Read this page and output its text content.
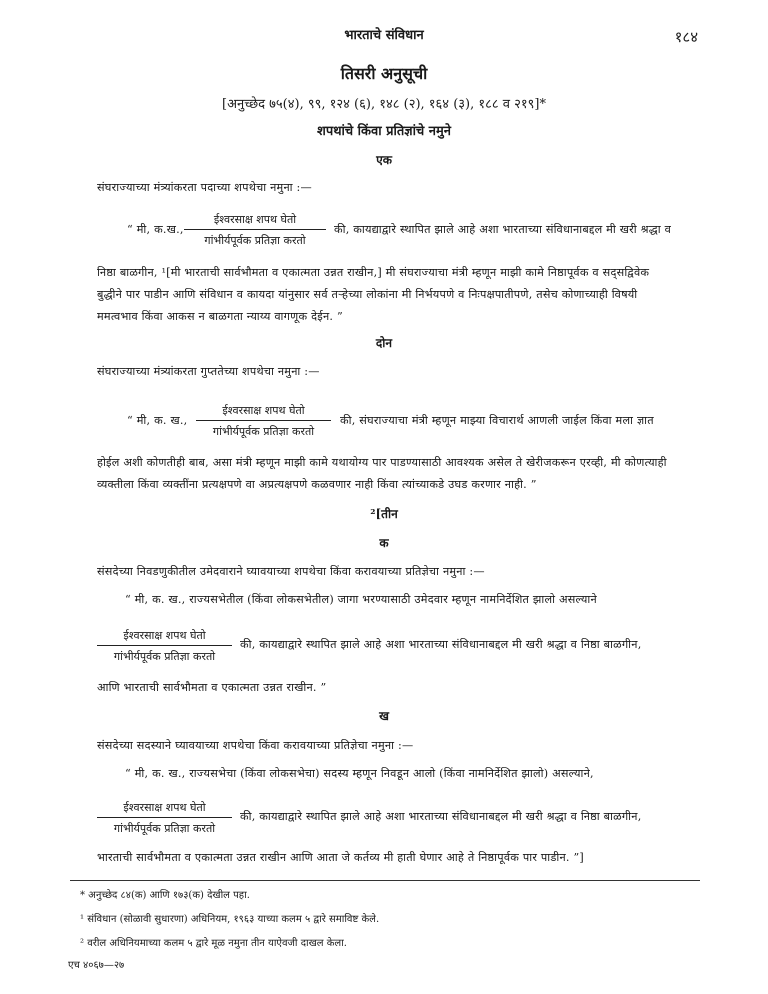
भारताचे संविधान	१८४
तिसरी अनुसूची
[अनुच्छेद ७५(४), ९९, १२४ (६), १४८ (२), १६४ (३), १८८ व २१९]*
शपथांचे किंवा प्रतिज्ञांचे नमुने
एक
संघराज्याच्या मंत्र्यांकरता पदाच्या शपथेचा नमुना :—
“ मी, क.ख.,
ईश्वरसाक्ष शपथ घेतो
गांभीर्यपूर्वक प्रतिज्ञा करतो
की, कायद्याद्वारे स्थापित झाले आहे अशा भारताच्या संविधानाबद्दल मी खरी श्रद्धा व
निष्ठा बाळगीन, ¹[मी भारताची सार्वभौमता व एकात्मता उन्नत राखीन,] मी संघराज्याचा मंत्री म्हणून माझी कामे निष्ठापूर्वक व सद्सद्विवेक
बुद्धीने पार पाडीन आणि संविधान व कायदा यांनुसार सर्व तऱ्हेच्या लोकांना मी निर्भयपणे व निःपक्षपातीपणे, तसेच कोणाच्याही विषयी
ममत्वभाव किंवा आकस न बाळगता न्याय्य वागणूक देईन. ”
दोन
संघराज्याच्या मंत्र्यांकरता गुप्ततेच्या शपथेचा नमुना :—
“ मी, क. ख.,
ईश्वरसाक्ष शपथ घेतो
गांभीर्यपूर्वक प्रतिज्ञा करतो
की, संघराज्याचा मंत्री म्हणून माझ्या विचारार्थ आणली जाईल किंवा मला ज्ञात
होईल अशी कोणतीही बाब, असा मंत्री म्हणून माझी कामे यथायोग्य पार पाडण्यासाठी आवश्यक असेल ते खेरीजकरून एरव्ही, मी कोणत्याही
व्यक्तीला किंवा व्यक्तींना प्रत्यक्षपणे वा अप्रत्यक्षपणे कळवणार नाही किंवा त्यांच्याकडे उघड करणार नाही. ”
²[तीन
क
संसदेच्या निवडणुकीतील उमेदवाराने घ्यावयाच्या शपथेचा किंवा करावयाच्या प्रतिज्ञेचा नमुना :—
“ मी, क. ख., राज्यसभेतील (किंवा लोकसभेतील) जागा भरण्यासाठी उमेदवार म्हणून नामनिर्देशित झालो असल्याने
ईश्वरसाक्ष शपथ घेतो
गांभीर्यपूर्वक प्रतिज्ञा करतो
की, कायद्याद्वारे स्थापित झाले आहे अशा भारताच्या संविधानाबद्दल मी खरी श्रद्धा व निष्ठा बाळगीन,
आणि भारताची सार्वभौमता व एकात्मता उन्नत राखीन. ”
ख
संसदेच्या सदस्याने घ्यावयाच्या शपथेचा किंवा करावयाच्या प्रतिज्ञेचा नमुना :—
“ मी, क. ख., राज्यसभेचा (किंवा लोकसभेचा) सदस्य म्हणून निवडून आलो (किंवा नामनिर्देशित झालो) असल्याने,
ईश्वरसाक्ष शपथ घेतो
गांभीर्यपूर्वक प्रतिज्ञा करतो
की, कायद्याद्वारे स्थापित झाले आहे अशा भारताच्या संविधानाबद्दल मी खरी श्रद्धा व निष्ठा बाळगीन,
भारताची सार्वभौमता व एकात्मता उन्नत राखीन आणि आता जे कर्तव्य मी हाती घेणार आहे ते निष्ठापूर्वक पार पाडीन. ”]
* अनुच्छेद ८४(क) आणि १७३(क) देखील पहा.
¹ संविधान (सोळावी सुधारणा) अधिनियम, १९६३ याच्या कलम ५ द्वारे समाविष्ट केले.
² वरील अधिनियमाच्या कलम ५ द्वारे मूळ नमुना तीन याऐवजी दाखल केला.
एच ४०६७—२७
